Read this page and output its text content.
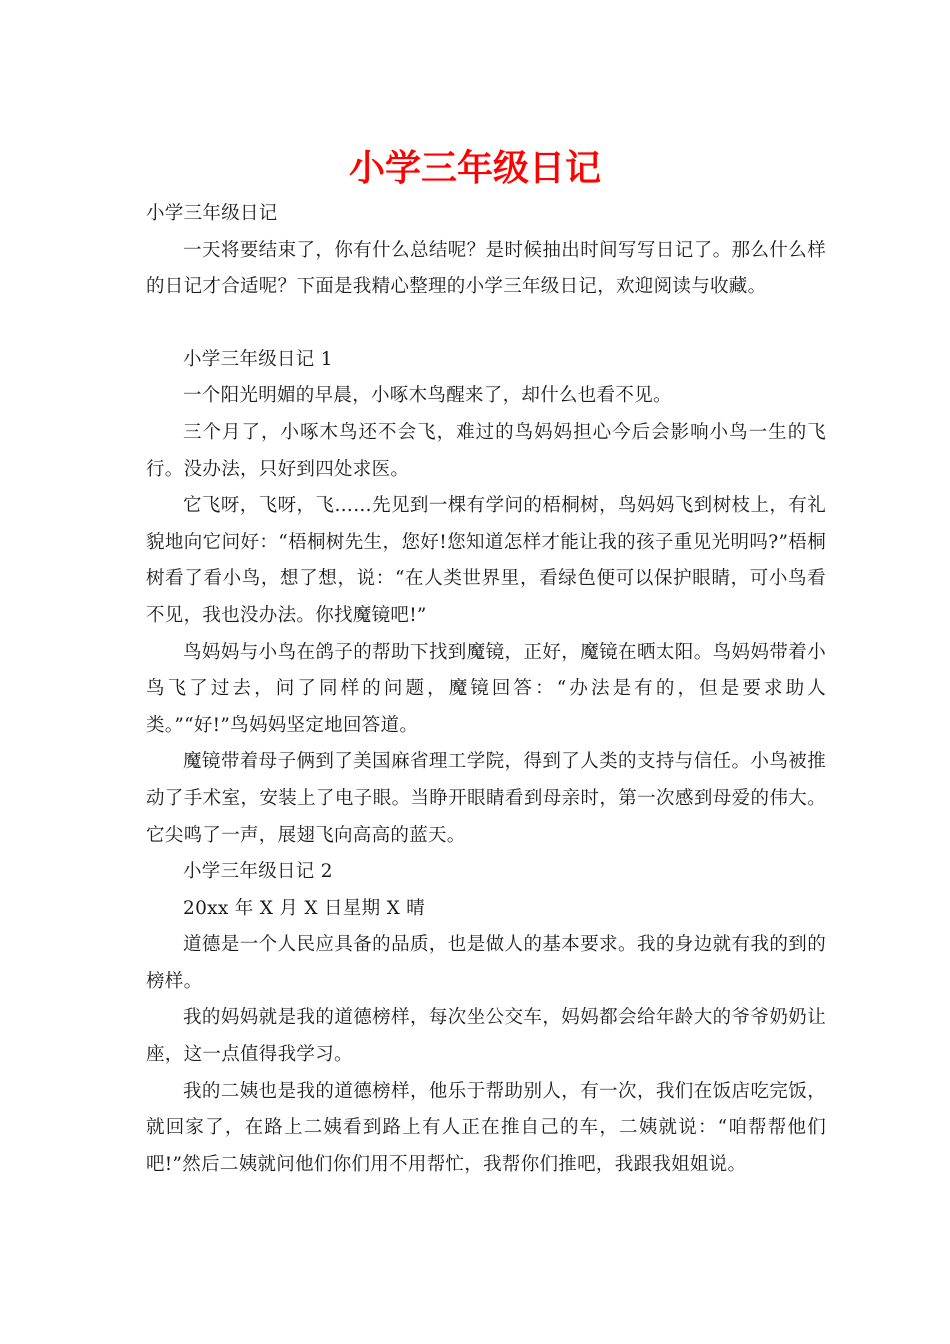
小学三年级日记

小学三年级日记

一天将要结束了，你有什么总结呢？是时候抽出时间写写日记了。那么什么样的日记才合适呢？下面是我精心整理的小学三年级日记，欢迎阅读与收藏。

小学三年级日记 1

一个阳光明媚的早晨，小啄木鸟醒来了，却什么也看不见。

三个月了，小啄木鸟还不会飞，难过的鸟妈妈担心今后会影响小鸟一生的飞行。没办法，只好到四处求医。

它飞呀，飞呀，飞……先见到一棵有学问的梧桐树，鸟妈妈飞到树枝上，有礼貌地向它问好：“梧桐树先生，您好!您知道怎样才能让我的孩子重见光明吗?”梧桐树看了看小鸟，想了想，说：“在人类世界里，看绿色便可以保护眼睛，可小鸟看不见，我也没办法。你找魔镜吧!”

鸟妈妈与小鸟在鸽子的帮助下找到魔镜，正好，魔镜在晒太阳。鸟妈妈带着小鸟飞了过去，问了同样的问题，魔镜回答：“办法是有的，但是要求助人类。”“好!”鸟妈妈坚定地回答道。

魔镜带着母子俩到了美国麻省理工学院，得到了人类的支持与信任。小鸟被推动了手术室，安装上了电子眼。当睁开眼睛看到母亲时，第一次感到母爱的伟大。它尖鸣了一声，展翅飞向高高的蓝天。

小学三年级日记 2

20xx 年 X 月 X 日星期 X 晴

道德是一个人民应具备的品质，也是做人的基本要求。我的身边就有我的到的榜样。

我的妈妈就是我的道德榜样，每次坐公交车，妈妈都会给年龄大的爷爷奶奶让座，这一点值得我学习。

我的二姨也是我的道德榜样，他乐于帮助别人，有一次，我们在饭店吃完饭，就回家了，在路上二姨看到路上有人正在推自己的车，二姨就说：“咱帮帮他们吧!”然后二姨就问他们你们用不用帮忙，我帮你们推吧，我跟我姐姐说。
